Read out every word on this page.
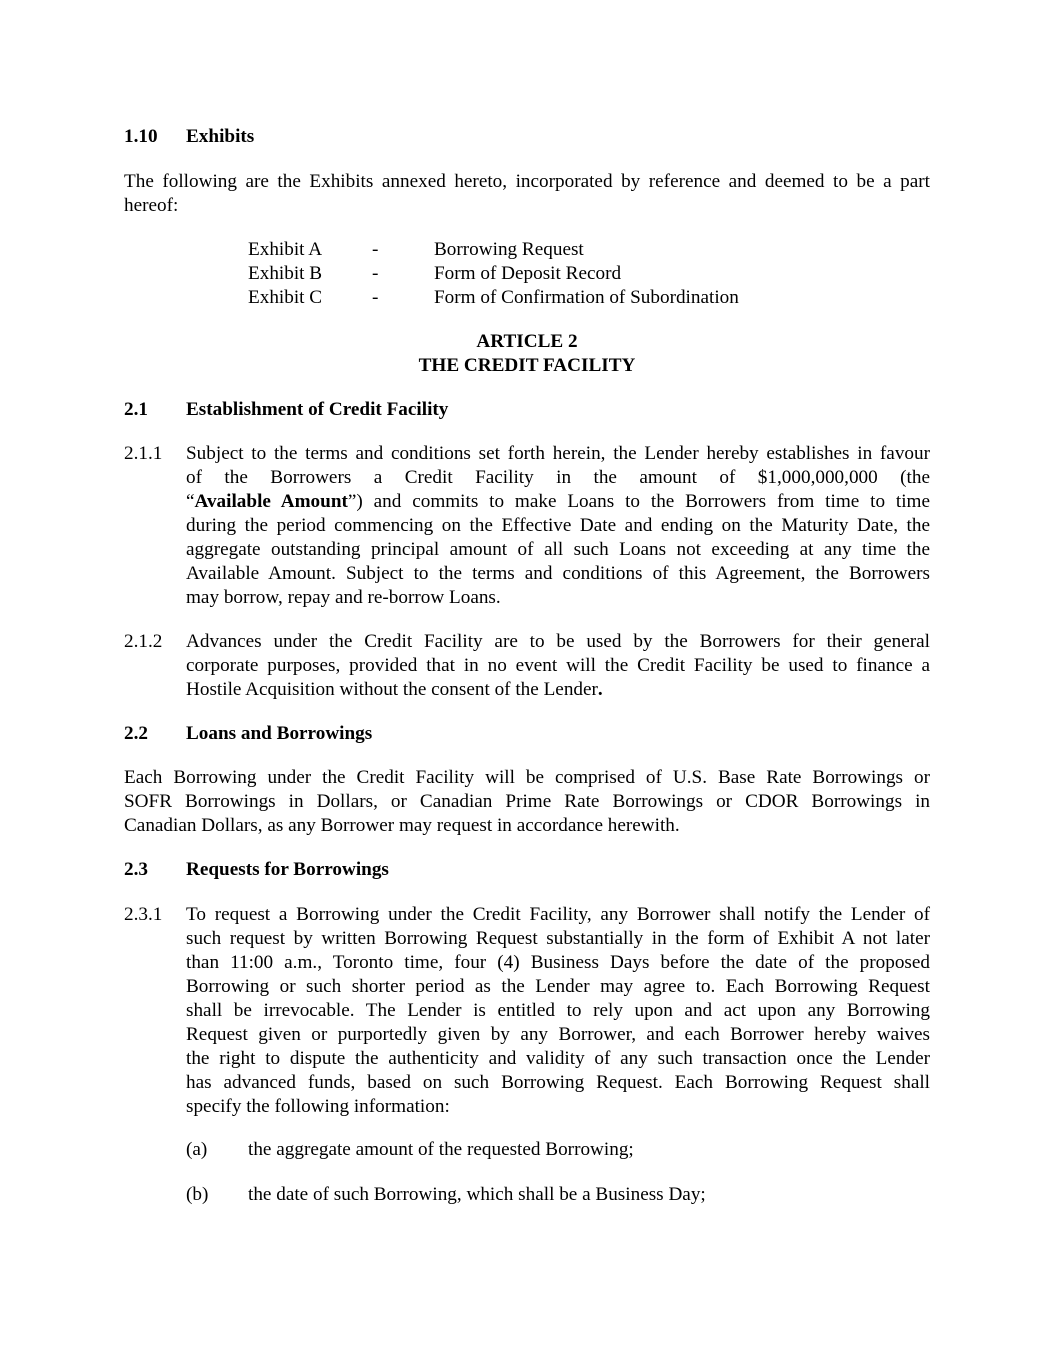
1.10 Exhibits
The following are the Exhibits annexed hereto, incorporated by reference and deemed to be a part
hereof:
Exhibit A	-	Borrowing Request
Exhibit B	-	Form of Deposit Record
Exhibit C	-	Form of Confirmation of Subordination
ARTICLE 2
THE CREDIT FACILITY
2.1 Establishment of Credit Facility
2.1.1 Subject to the terms and conditions set forth herein, the Lender hereby establishes in favour
of the Borrowers a Credit Facility in the amount of $1,000,000,000 (the
“Available Amount”) and commits to make Loans to the Borrowers from time to time
during the period commencing on the Effective Date and ending on the Maturity Date, the
aggregate outstanding principal amount of all such Loans not exceeding at any time the
Available Amount. Subject to the terms and conditions of this Agreement, the Borrowers
may borrow, repay and re-borrow Loans.
2.1.2 Advances under the Credit Facility are to be used by the Borrowers for their general
corporate purposes, provided that in no event will the Credit Facility be used to finance a
Hostile Acquisition without the consent of the Lender.
2.2 Loans and Borrowings
Each Borrowing under the Credit Facility will be comprised of U.S. Base Rate Borrowings or
SOFR Borrowings in Dollars, or Canadian Prime Rate Borrowings or CDOR Borrowings in
Canadian Dollars, as any Borrower may request in accordance herewith.
2.3 Requests for Borrowings
2.3.1 To request a Borrowing under the Credit Facility, any Borrower shall notify the Lender of
such request by written Borrowing Request substantially in the form of Exhibit A not later
than 11:00 a.m., Toronto time, four (4) Business Days before the date of the proposed
Borrowing or such shorter period as the Lender may agree to. Each Borrowing Request
shall be irrevocable. The Lender is entitled to rely upon and act upon any Borrowing
Request given or purportedly given by any Borrower, and each Borrower hereby waives
the right to dispute the authenticity and validity of any such transaction once the Lender
has advanced funds, based on such Borrowing Request. Each Borrowing Request shall
specify the following information:
(a) the aggregate amount of the requested Borrowing;
(b) the date of such Borrowing, which shall be a Business Day;
